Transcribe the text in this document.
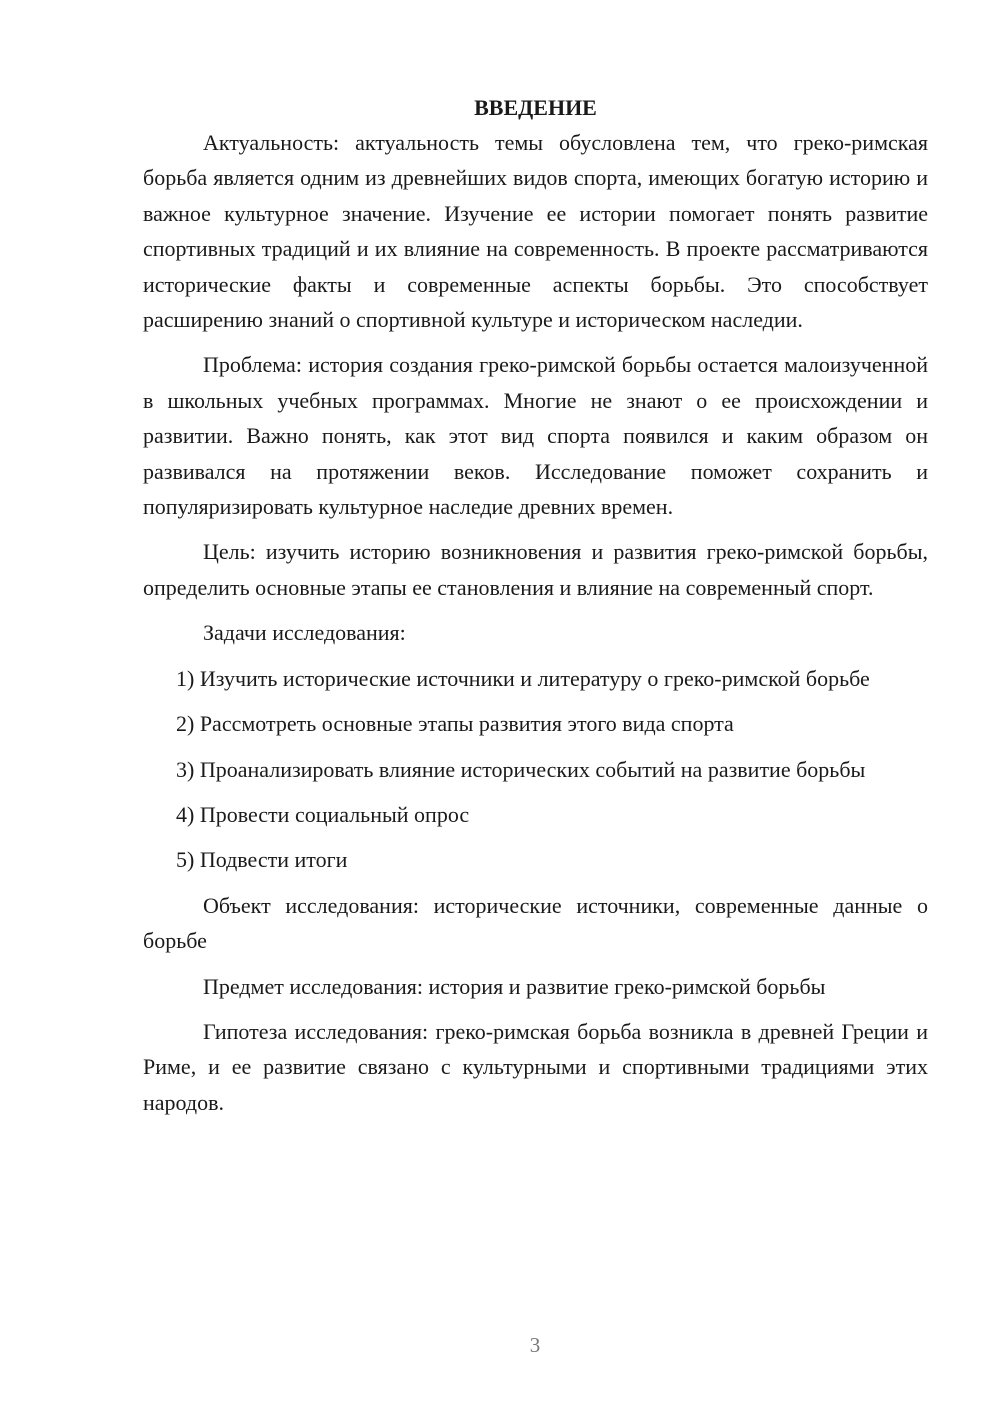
ВВЕДЕНИЕ

Актуальность: актуальность темы обусловлена тем, что греко-римская борьба является одним из древнейших видов спорта, имеющих богатую историю и важное культурное значение. Изучение ее истории помогает понять развитие спортивных традиций и их влияние на современность. В проекте рассматриваются исторические факты и современные аспекты борьбы. Это способствует расширению знаний о спортивной культуре и историческом наследии.

Проблема: история создания греко-римской борьбы остается малоизученной в школьных учебных программах. Многие не знают о ее происхождении и развитии. Важно понять, как этот вид спорта появился и каким образом он развивался на протяжении веков. Исследование поможет сохранить и популяризировать культурное наследие древних времен.

Цель: изучить историю возникновения и развития греко-римской борьбы, определить основные этапы ее становления и влияние на современный спорт.

Задачи исследования:

1) Изучить исторические источники и литературу о греко-римской борьбе

2) Рассмотреть основные этапы развития этого вида спорта

3) Проанализировать влияние исторических событий на развитие борьбы

4) Провести социальный опрос

5) Подвести итоги

Объект исследования: исторические источники, современные данные о борьбе

Предмет исследования: история и развитие греко-римской борьбы

Гипотеза исследования: греко-римская борьба возникла в древней Греции и Риме, и ее развитие связано с культурными и спортивными традициями этих народов.

3
